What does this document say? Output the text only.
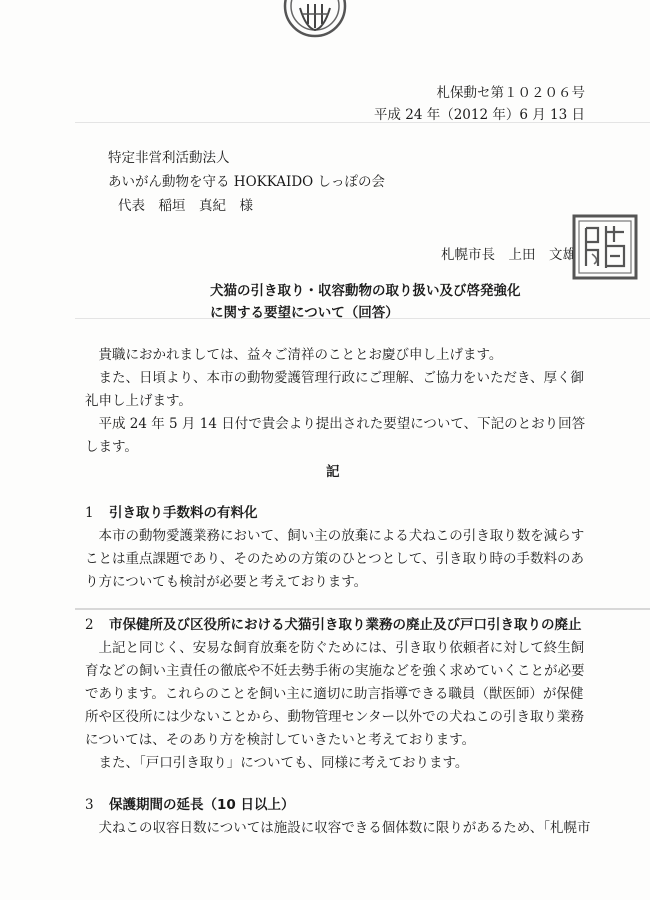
札保動セ第１０２０６号
平成 24 年（2012 年）6 月 13 日
特定非営利活動法人
あいがん動物を守る HOKKAIDO しっぽの会
代表　稲垣　真紀　様
札幌市長　上田　文雄
犬猫の引き取り・収容動物の取り扱い及び啓発強化
に関する要望について（回答）

貴職におかれましては、益々ご清祥のこととお慶び申し上げます。

また、日頃より、本市の動物愛護管理行政にご理解、ご協力をいただき、厚く御礼申し上げます。

平成 24 年 5 月 14 日付で貴会より提出された要望について、下記のとおり回答します。

記
1 引き取り手数料の有料化

本市の動物愛護業務において、飼い主の放棄による犬ねこの引き取り数を減らすことは重点課題であり、そのための方策のひとつとして、引き取り時の手数料のあり方についても検討が必要と考えております。

2 市保健所及び区役所における犬猫引き取り業務の廃止及び戸口引き取りの廃止

上記と同じく、安易な飼育放棄を防ぐためには、引き取り依頼者に対して終生飼育などの飼い主責任の徹底や不妊去勢手術の実施などを強く求めていくことが必要であります。これらのことを飼い主に適切に助言指導できる職員（獣医師）が保健所や区役所には少ないことから、動物管理センター以外での犬ねこの引き取り業務については、そのあり方を検討していきたいと考えております。

また、「戸口引き取り」についても、同様に考えております。

3 保護期間の延長（10 日以上）

犬ねこの収容日数については施設に収容できる個体数に限りがあるため、「札幌市
